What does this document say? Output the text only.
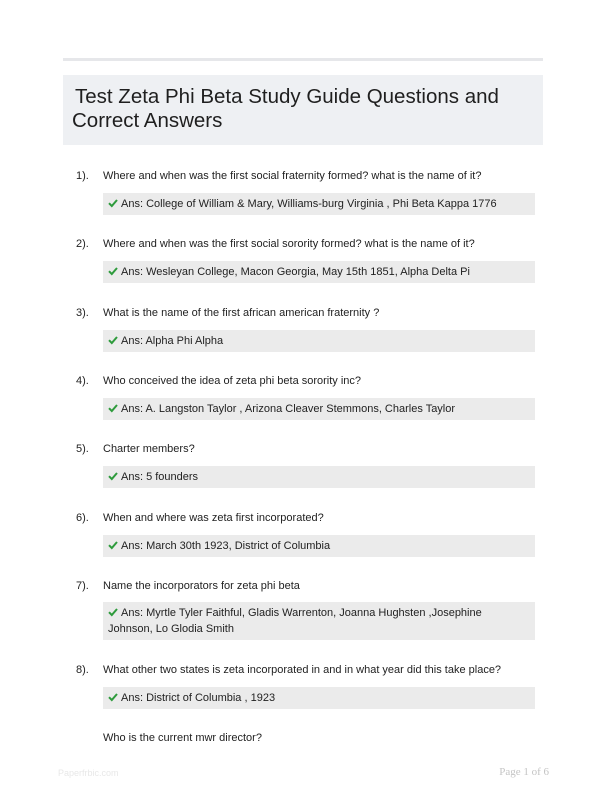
Test Zeta Phi Beta Study Guide Questions and Correct Answers
1). Where and when was the first social fraternity formed? what is the name of it?
Ans: College of William & Mary, Williams-burg Virginia , Phi Beta Kappa 1776
2). Where and when was the first social sorority formed? what is the name of it?
Ans: Wesleyan College, Macon Georgia, May 15th 1851, Alpha Delta Pi
3). What is the name of the first african american fraternity ?
Ans: Alpha Phi Alpha
4). Who conceived the idea of zeta phi beta sorority inc?
Ans: A. Langston Taylor , Arizona Cleaver Stemmons, Charles Taylor
5). Charter members?
Ans: 5 founders
6). When and where was zeta first incorporated?
Ans: March 30th 1923, District of Columbia
7). Name the incorporators for zeta phi beta
Ans: Myrtle Tyler Faithful, Gladis Warrenton, Joanna Hughsten ,Josephine Johnson, Lo Glodia Smith
8). What other two states is zeta incorporated in and in what year did this take place?
Ans: District of Columbia , 1923
Who is the current mwr director?
Paperfrbic.com	Page 1 of 6
